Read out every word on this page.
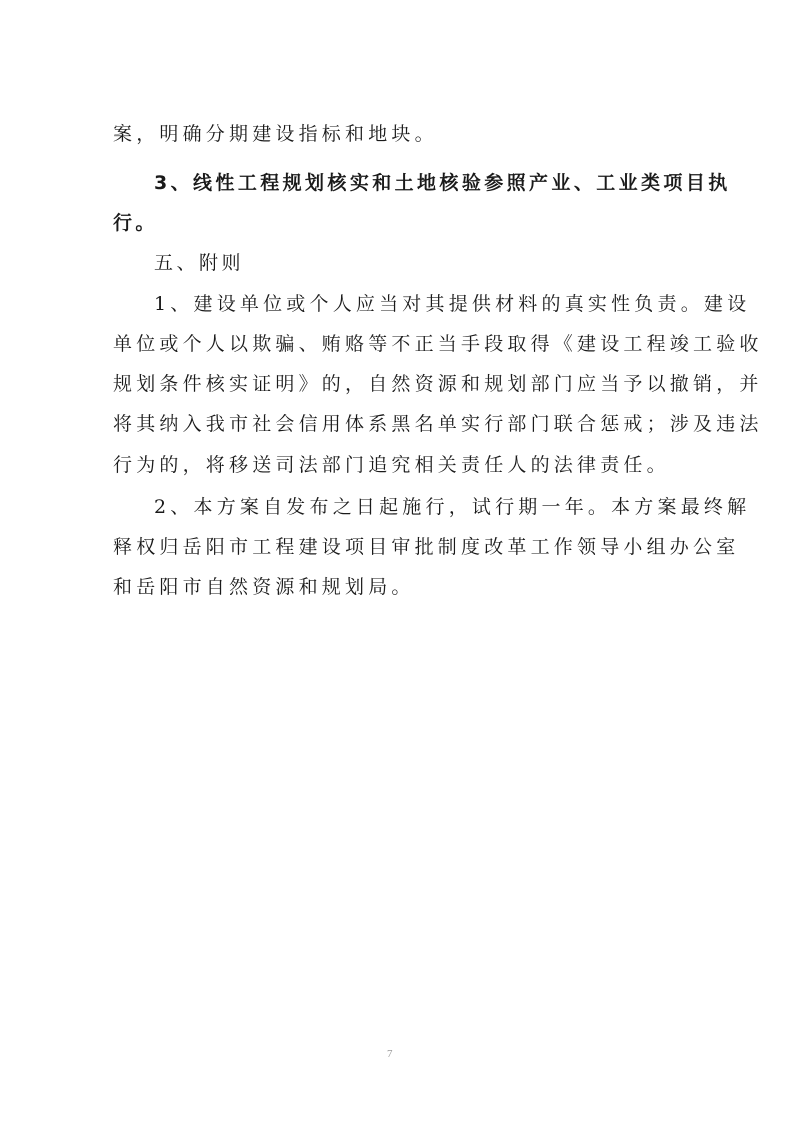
案，明确分期建设指标和地块。
3、线性工程规划核实和土地核验参照产业、工业类项目执
行。
五、附则
1、建设单位或个人应当对其提供材料的真实性负责。建设
单位或个人以欺骗、贿赂等不正当手段取得《建设工程竣工验收
规划条件核实证明》的，自然资源和规划部门应当予以撤销，并
将其纳入我市社会信用体系黑名单实行部门联合惩戒；涉及违法
行为的，将移送司法部门追究相关责任人的法律责任。
2、本方案自发布之日起施行，试行期一年。本方案最终解
释权归岳阳市工程建设项目审批制度改革工作领导小组办公室
和岳阳市自然资源和规划局。
7
